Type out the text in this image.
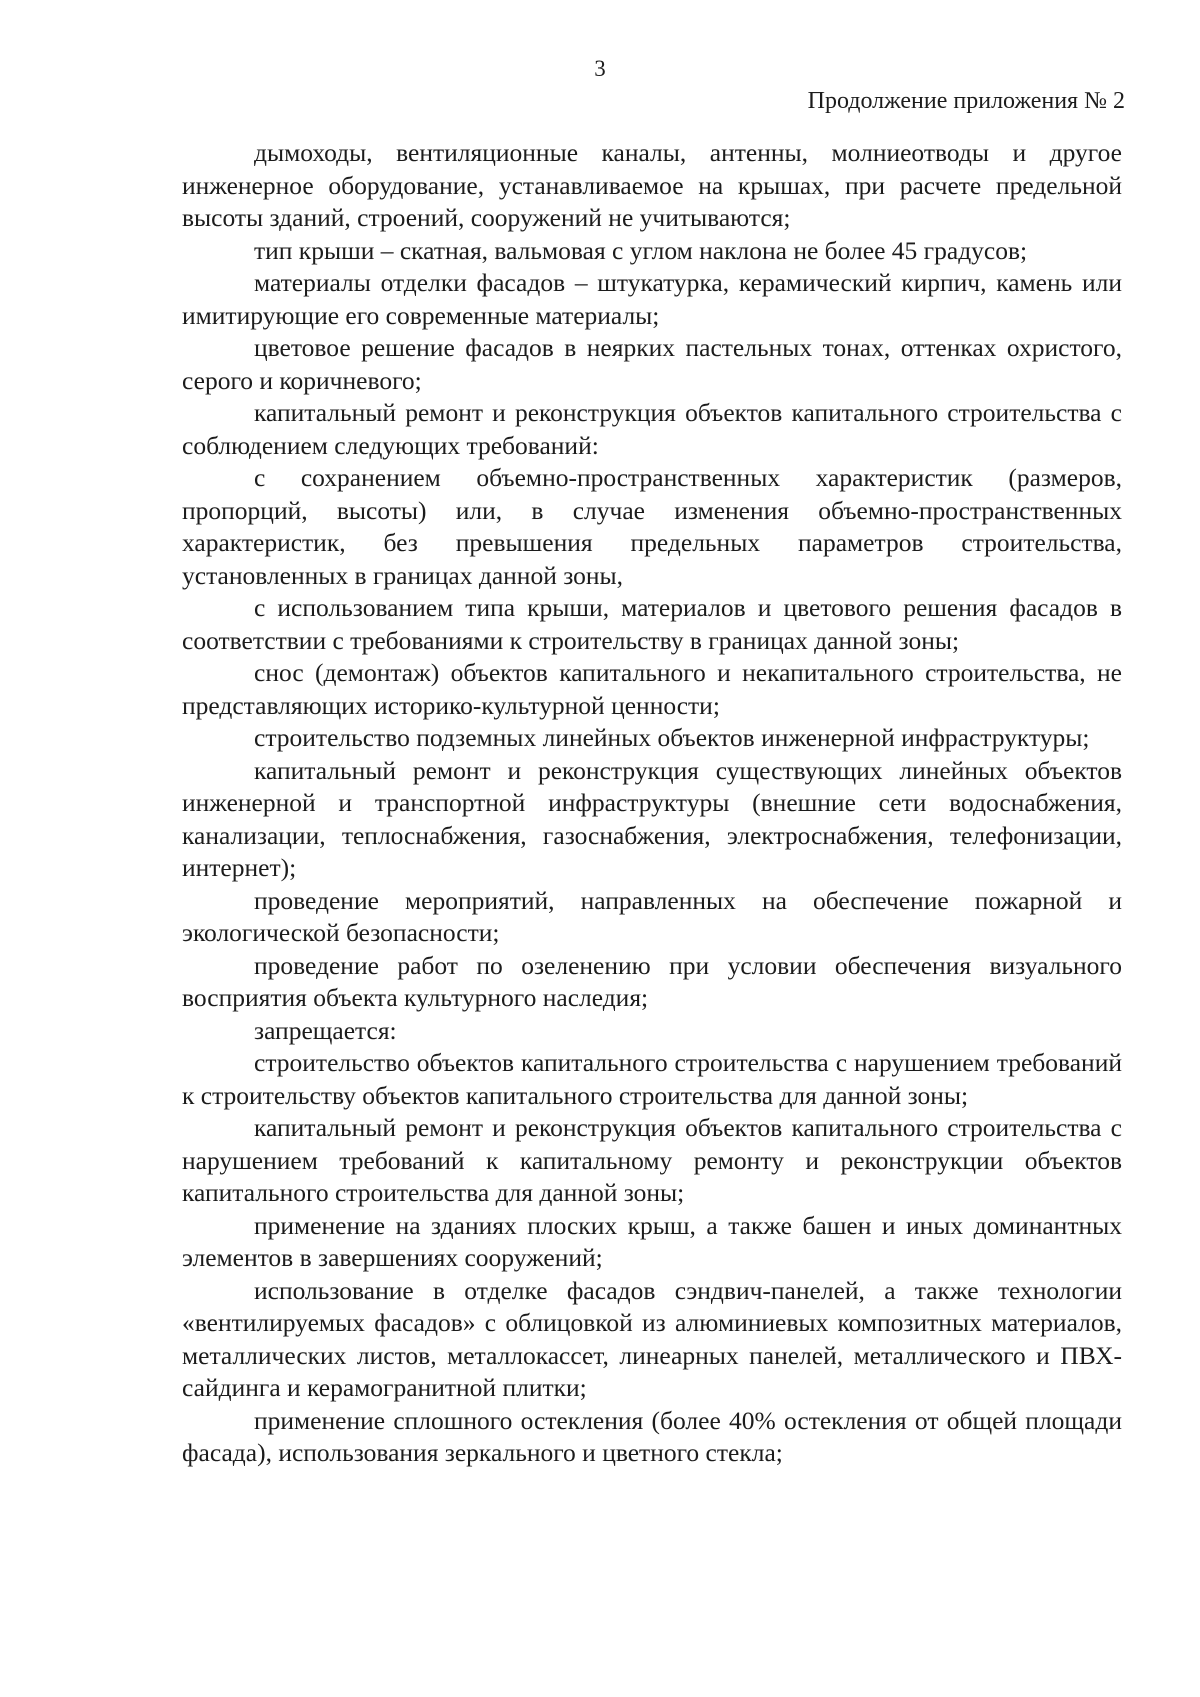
3
Продолжение приложения № 2

дымоходы, вентиляционные каналы, антенны, молниеотводы и другое инженерное оборудование, устанавливаемое на крышах, при расчете предельной высоты зданий, строений, сооружений не учитываются;

тип крыши – скатная, вальмовая с углом наклона не более 45 градусов;

материалы отделки фасадов – штукатурка, керамический кирпич, камень или имитирующие его современные материалы;

цветовое решение фасадов в неярких пастельных тонах, оттенках охристого, серого и коричневого;

капитальный ремонт и реконструкция объектов капитального строительства с соблюдением следующих требований:

с сохранением объемно-пространственных характеристик (размеров, пропорций, высоты) или, в случае изменения объемно-пространственных характеристик, без превышения предельных параметров строительства, установленных в границах данной зоны,

с использованием типа крыши, материалов и цветового решения фасадов в соответствии с требованиями к строительству в границах данной зоны;

снос (демонтаж) объектов капитального и некапитального строительства, не представляющих историко-культурной ценности;

строительство подземных линейных объектов инженерной инфраструктуры;

капитальный ремонт и реконструкция существующих линейных объектов инженерной и транспортной инфраструктуры (внешние сети водоснабжения, канализации, теплоснабжения, газоснабжения, электроснабжения, телефонизации, интернет);

проведение мероприятий, направленных на обеспечение пожарной и экологической безопасности;

проведение работ по озеленению при условии обеспечения визуального восприятия объекта культурного наследия;

запрещается:

строительство объектов капитального строительства с нарушением требований к строительству объектов капитального строительства для данной зоны;

капитальный ремонт и реконструкция объектов капитального строительства с нарушением требований к капитальному ремонту и реконструкции объектов капитального строительства для данной зоны;

применение на зданиях плоских крыш, а также башен и иных доминантных элементов в завершениях сооружений;

использование в отделке фасадов сэндвич-панелей, а также технологии «вентилируемых фасадов» с облицовкой из алюминиевых композитных материалов, металлических листов, металлокассет, линеарных панелей, металлического и ПВХ-сайдинга и керамогранитной плитки;

применение сплошного остекления (более 40% остекления от общей площади фасада), использования зеркального и цветного стекла;
